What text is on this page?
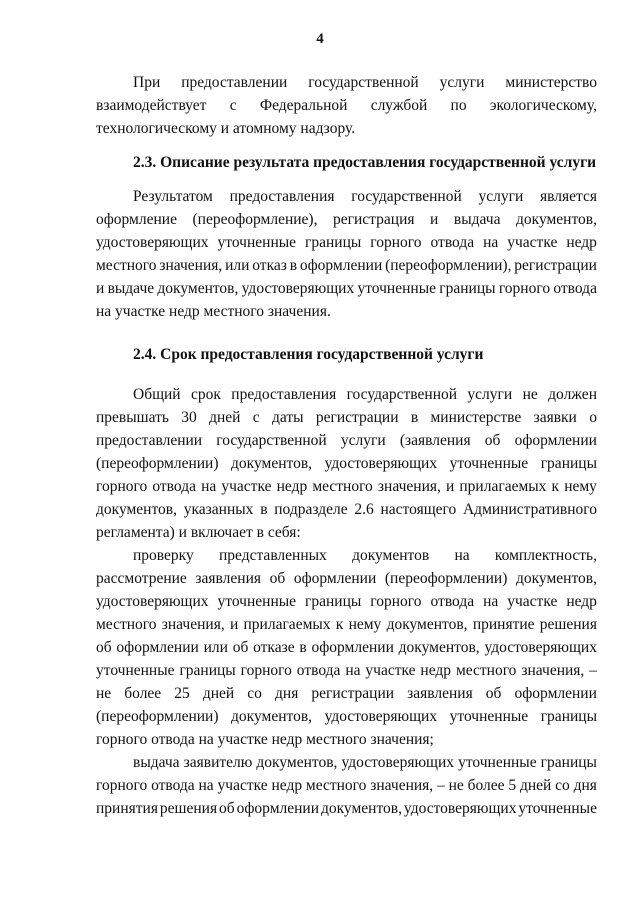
4
При предоставлении государственной услуги министерство
взаимодействует с Федеральной службой по экологическому,
технологическому и атомному надзору.
2.3. Описание результата предоставления государственной услуги
Результатом предоставления государственной услуги является
оформление (переоформление), регистрация и выдача документов,
удостоверяющих уточненные границы горного отвода на участке недр
местного значения, или отказ в оформлении (переоформлении), регистрации
и выдаче документов, удостоверяющих уточненные границы горного отвода
на участке недр местного значения.
2.4. Срок предоставления государственной услуги
Общий срок предоставления государственной услуги не должен
превышать 30 дней с даты регистрации в министерстве заявки о
предоставлении государственной услуги (заявления об оформлении
(переоформлении) документов, удостоверяющих уточненные границы
горного отвода на участке недр местного значения, и прилагаемых к нему
документов, указанных в подразделе 2.6 настоящего Административного
регламента) и включает в себя:
проверку представленных документов на комплектность,
рассмотрение заявления об оформлении (переоформлении) документов,
удостоверяющих уточненные границы горного отвода на участке недр
местного значения, и прилагаемых к нему документов, принятие решения
об оформлении или об отказе в оформлении документов, удостоверяющих
уточненные границы горного отвода на участке недр местного значения, –
не более 25 дней со дня регистрации заявления об оформлении
(переоформлении) документов, удостоверяющих уточненные границы
горного отвода на участке недр местного значения;
выдача заявителю документов, удостоверяющих уточненные границы
горного отвода на участке недр местного значения, – не более 5 дней со дня
принятия решения об оформлении документов, удостоверяющих уточненные
